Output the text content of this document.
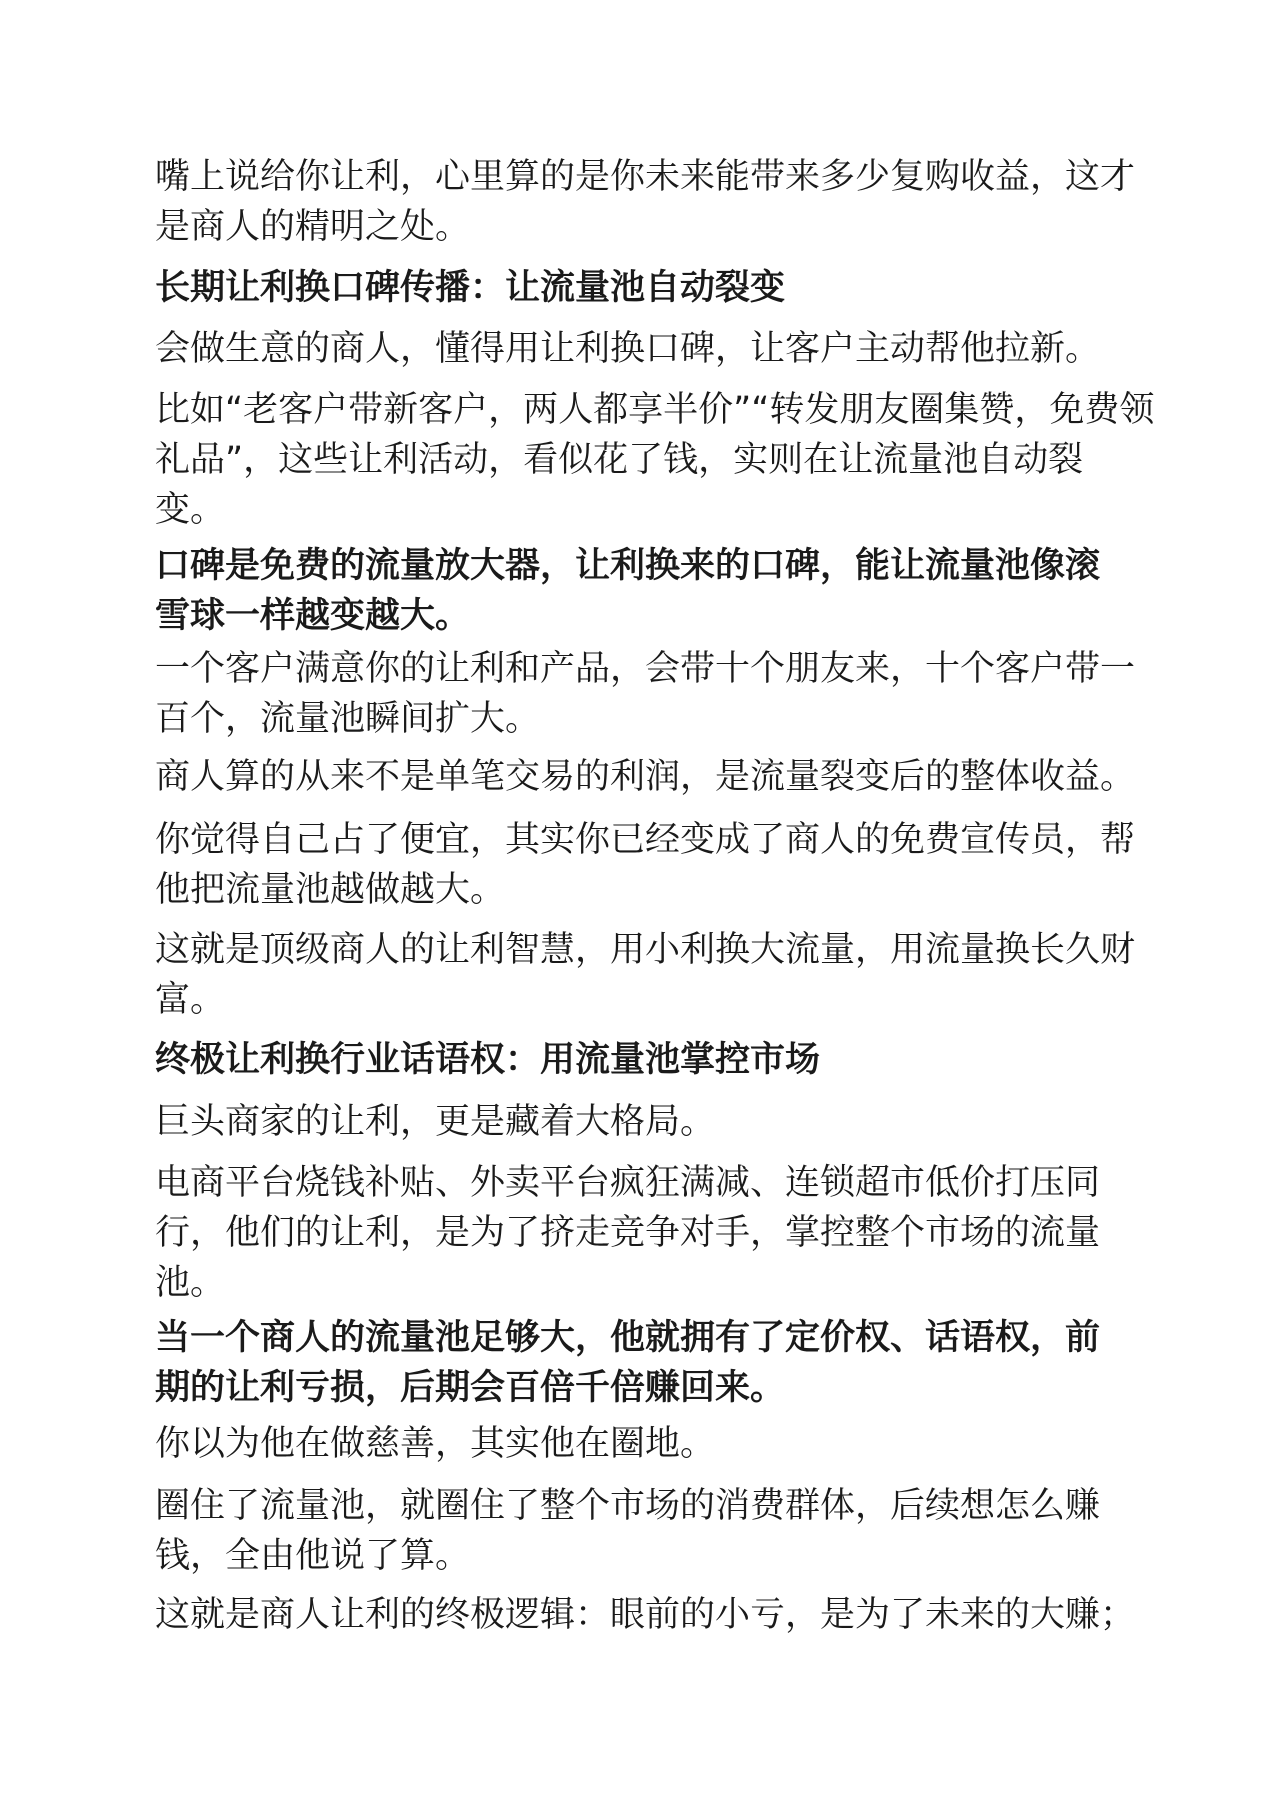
嘴上说给你让利，心里算的是你未来能带来多少复购收益，这才
是商人的精明之处。
长期让利换口碑传播：让流量池自动裂变
会做生意的商人，懂得用让利换口碑，让客户主动帮他拉新。
比如“老客户带新客户，两人都享半价”“转发朋友圈集赞，免费领
礼品”，这些让利活动，看似花了钱，实则在让流量池自动裂
变。
口碑是免费的流量放大器，让利换来的口碑，能让流量池像滚
雪球一样越变越大。
一个客户满意你的让利和产品，会带十个朋友来，十个客户带一
百个，流量池瞬间扩大。
商人算的从来不是单笔交易的利润，是流量裂变后的整体收益。
你觉得自己占了便宜，其实你已经变成了商人的免费宣传员，帮
他把流量池越做越大。
这就是顶级商人的让利智慧，用小利换大流量，用流量换长久财
富。
终极让利换行业话语权：用流量池掌控市场
巨头商家的让利，更是藏着大格局。
电商平台烧钱补贴、外卖平台疯狂满减、连锁超市低价打压同
行，他们的让利，是为了挤走竞争对手，掌控整个市场的流量
池。
当一个商人的流量池足够大，他就拥有了定价权、话语权，前
期的让利亏损，后期会百倍千倍赚回来。
你以为他在做慈善，其实他在圈地。
圈住了流量池，就圈住了整个市场的消费群体，后续想怎么赚
钱，全由他说了算。
这就是商人让利的终极逻辑：眼前的小亏，是为了未来的大赚；
